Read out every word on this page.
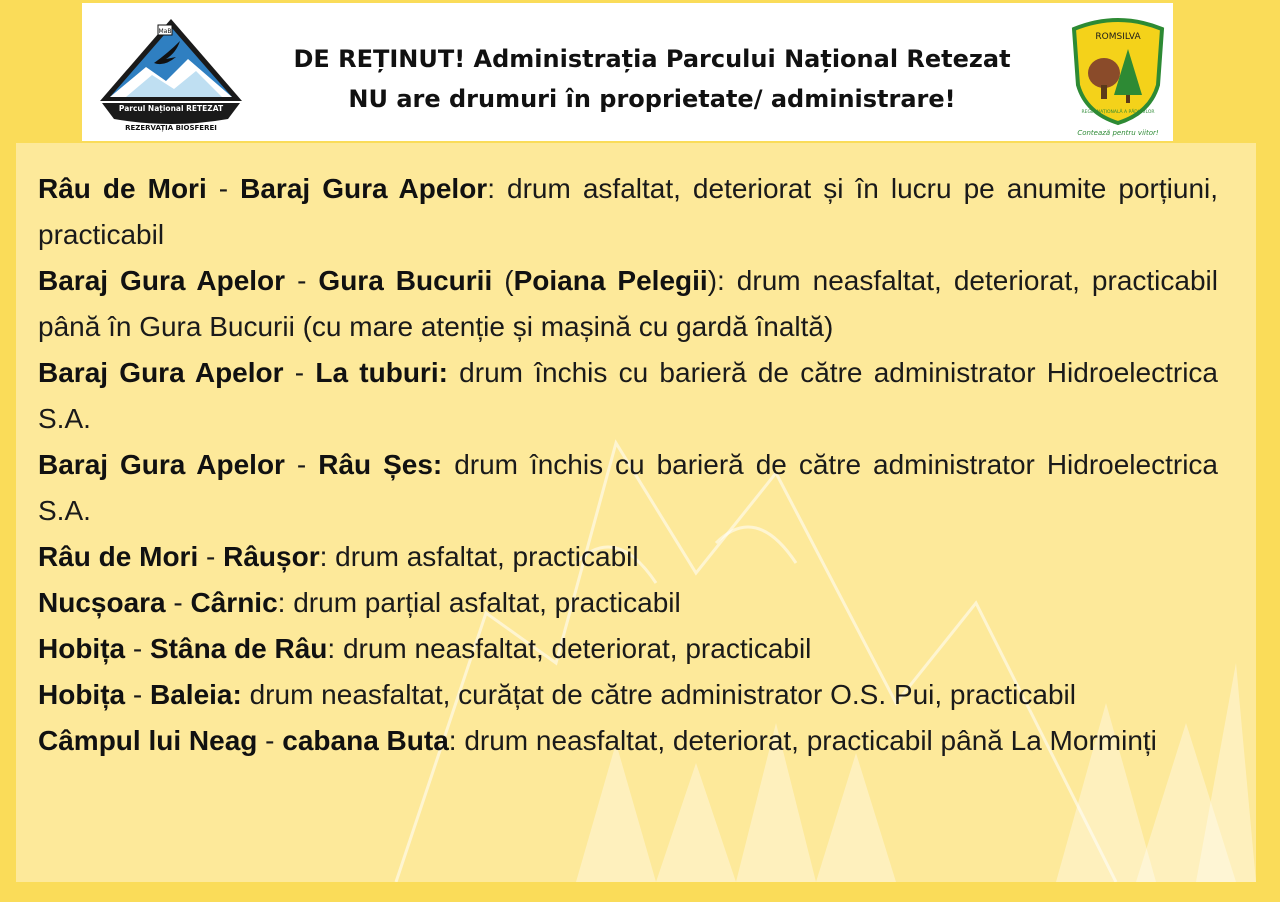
MaB
Parcul Național RETEZAT
REZERVAȚIA BIOSFEREI
DE REȚINUT! Administrația Parcului Național Retezat
NU are drumuri în proprietate/ administrare!
ROMSILVA
REGIA NAȚIONALĂ A PĂDURILOR
Contează pentru viitor!
Râu de Mori - Baraj Gura Apelor: drum asfaltat, deteriorat și în lucru pe anumite porțiuni, practicabil
Baraj Gura Apelor - Gura Bucurii (Poiana Pelegii): drum neasfaltat, deteriorat, practicabil până în Gura Bucurii (cu mare atenție și mașină cu gardă înaltă)
Baraj Gura Apelor - La tuburi: drum închis cu barieră de către administrator Hidroelectrica S.A.
Baraj Gura Apelor - Râu Șes: drum închis cu barieră de către administrator Hidroelectrica S.A.
Râu de Mori - Râușor: drum asfaltat, practicabil
Nucșoara - Cârnic: drum parțial asfaltat, practicabil
Hobița - Stâna de Râu: drum neasfaltat, deteriorat, practicabil
Hobița - Baleia: drum neasfaltat, curățat de către administrator O.S. Pui, practicabil
Câmpul lui Neag - cabana Buta: drum neasfaltat, deteriorat, practicabil până La Morminți
